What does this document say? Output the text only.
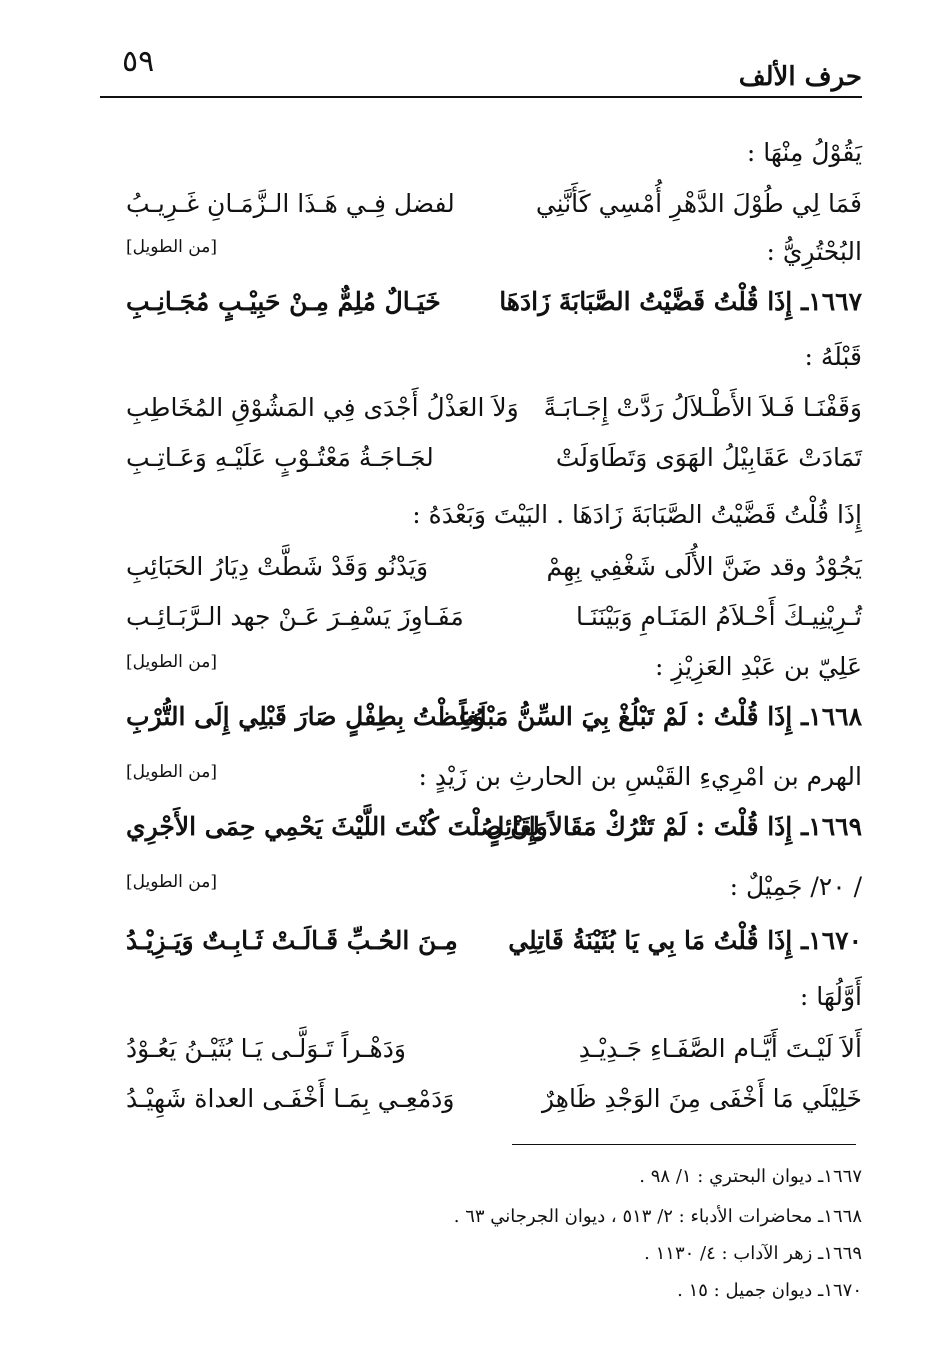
حرف الألف
٥٩
يَقُوْلُ مِنْهَا :
فَمَا لِي طُوْلَ الدَّهْرِ أُمْسِي كَأَنَّنِي
لفضل فِـي هَـذَا الـزَّمَـانِ غَـرِيـبُ
البُحْتُرِيُّ :
[من الطويل]
١٦٦٧ـ إِذَا قُلْتُ قَضَّيْتُ الصَّبَابَةَ زَادَهَا
خَيَـالٌ مُلِمٌّ مِـنْ حَبِيْـبٍ مُجَـانِـبِ
قَبْلَهُ :
وَقَفْنَـا فَـلاَ الأَطْـلاَلُ رَدَّتْ إِجَـابَـةً
وَلاَ العَذْلُ أَجْدَى فِي المَشُوْقِ المُخَاطِبِ
تَمَادَتْ عَقَابِيْلُ الهَوَى وَتَطَاوَلَتْ
لجَـاجَـةُ مَعْتُـوْبٍ عَلَيْـهِ وَعَـاتِـبِ
إِذَا قُلْتُ قَضَّيْتُ الصَّبَابَةَ زَادَهَا . البَيْتَ وَبَعْدَهُ :
يَجُوْدُ وقد ضَنَّ الأُلَى شَغْفِي بِهِمْ
وَيَدْنُو وَقَدْ شَطَّتْ دِيَارُ الحَبَائِبِ
تُـرِيْنِيـكَ أَحْـلاَمُ المَنَـامِ وَبَيْنَنَـا
مَفَـاوِزَ يَسْفِـرَ عَـنْ جهد الـرَّبَـائِـب
عَلِيّ بن عَبْدِ العَزِيْزِ :
[من الطويل]
١٦٦٨ـ إِذَا قُلْتُ : لَمْ تَبْلُغْ بِيَ السِّنُّ مَبْلَغاً
وُعِظْتُ بِطِفْلٍ صَارَ قَبْلِي إِلَى التُّرْبِ
الهرم بن امْرِيءِ القَيْسِ بن الحارثِ بن زَيْدٍ :
[من الطويل]
١٦٦٩ـ إِذَا قُلْتَ : لَمْ تَتْرُكْ مَقَالاً لِقَائِلٍ
وَإِنْ صُلْتَ كُنْتَ اللَّيْثَ يَحْمِي حِمَى الأَجْرِي
/ ٢٠/ جَمِيْلٌ :
[من الطويل]
١٦٧٠ـ إِذَا قُلْتُ مَا بِي يَا بُثَيْنَةُ قَاتِلِي
مِـنَ الحُـبِّ قَـالَـتْ ثَـابِـتٌ وَيَـزِيْـدُ
أَوَّلُهَا :
أَلاَ لَيْـتَ أَيَّـام الصَّفَـاءِ جَـدِيْـدِ
وَدَهْـراً تَـوَلَّـى يَـا بُثَيْـنُ يَعُـوْدُ
خَلِيْلَي مَا أَخْفَى مِنَ الوَجْدِ ظَاهِرٌ
وَدَمْعِـي بِمَـا أَخْفَـى العداة شَهِيْـدُ
١٦٦٧ـ ديوان البحتري : ١/ ٩٨ .
١٦٦٨ـ محاضرات الأدباء : ٢/ ٥١٣ ، ديوان الجرجاني ٦٣ .
١٦٦٩ـ زهر الآداب : ٤/ ١١٣٠ .
١٦٧٠ـ ديوان جميل : ١٥ .
